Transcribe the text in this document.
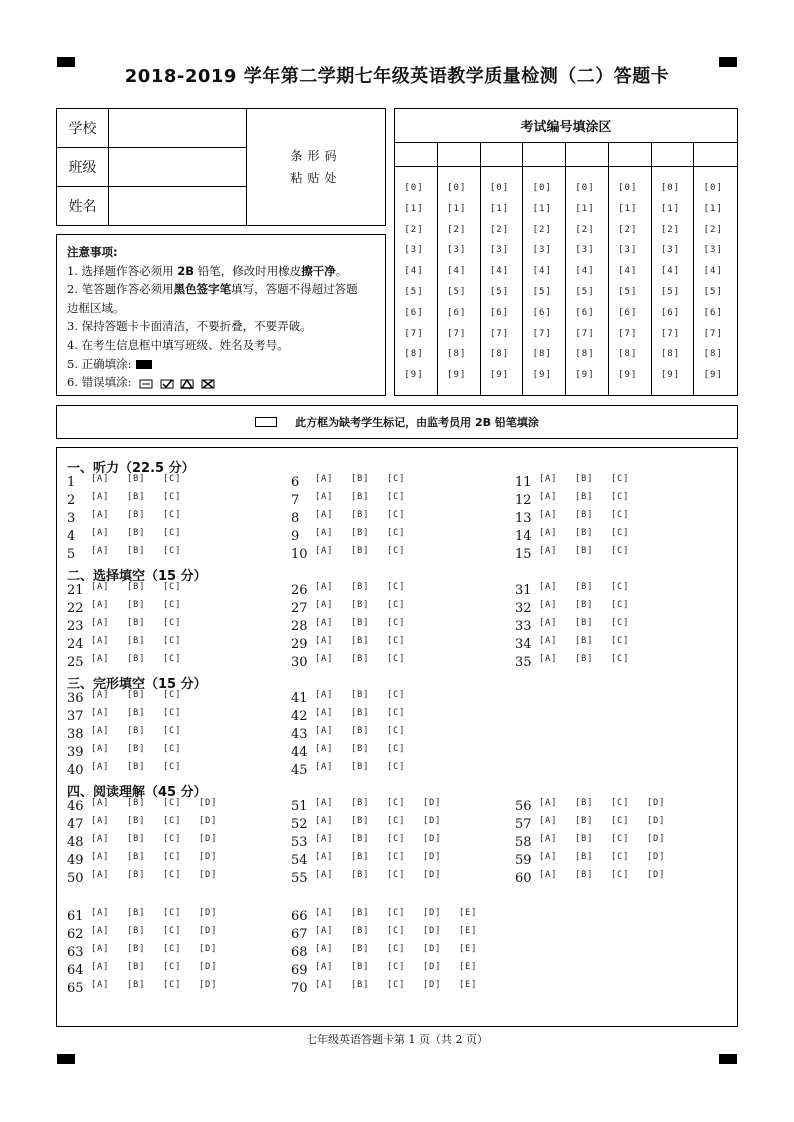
2018-2019 学年第二学期七年级英语教学质量检测（二）答题卡
学校
班级
姓名
条形码
粘贴处
注意事项:
1. 选择题作答必须用 2B 铅笔，修改时用橡皮擦干净。
2. 笔答题作答必须用黑色签字笔填写，答题不得超过答题
边框区域。
3. 保持答题卡卡面清洁，不要折叠，不要弄破。
4. 在考生信息框中填写班级、姓名及考号。
5. 正确填涂:
6. 错误填涂:
考试编号填涂区
[0]
[1]
[2]
[3]
[4]
[5]
[6]
[7]
[8]
[9]
[0]
[1]
[2]
[3]
[4]
[5]
[6]
[7]
[8]
[9]
[0]
[1]
[2]
[3]
[4]
[5]
[6]
[7]
[8]
[9]
[0]
[1]
[2]
[3]
[4]
[5]
[6]
[7]
[8]
[9]
[0]
[1]
[2]
[3]
[4]
[5]
[6]
[7]
[8]
[9]
[0]
[1]
[2]
[3]
[4]
[5]
[6]
[7]
[8]
[9]
[0]
[1]
[2]
[3]
[4]
[5]
[6]
[7]
[8]
[9]
[0]
[1]
[2]
[3]
[4]
[5]
[6]
[7]
[8]
[9]
此方框为缺考学生标记，由监考员用 2B 铅笔填涂
一、听力（22.5 分）
二、选择填空（15 分）
三、完形填空（15 分）
四、阅读理解（45 分）
1 [A] [B] [C]
2 [A] [B] [C]
3 [A] [B] [C]
4 [A] [B] [C]
5 [A] [B] [C]
6 [A] [B] [C]
7 [A] [B] [C]
8 [A] [B] [C]
9 [A] [B] [C]
10 [A] [B] [C]
11 [A] [B] [C]
12 [A] [B] [C]
13 [A] [B] [C]
14 [A] [B] [C]
15 [A] [B] [C]
21 [A] [B] [C]
22 [A] [B] [C]
23 [A] [B] [C]
24 [A] [B] [C]
25 [A] [B] [C]
26 [A] [B] [C]
27 [A] [B] [C]
28 [A] [B] [C]
29 [A] [B] [C]
30 [A] [B] [C]
31 [A] [B] [C]
32 [A] [B] [C]
33 [A] [B] [C]
34 [A] [B] [C]
35 [A] [B] [C]
36 [A] [B] [C]
37 [A] [B] [C]
38 [A] [B] [C]
39 [A] [B] [C]
40 [A] [B] [C]
41 [A] [B] [C]
42 [A] [B] [C]
43 [A] [B] [C]
44 [A] [B] [C]
45 [A] [B] [C]
46 [A] [B] [C] [D]
47 [A] [B] [C] [D]
48 [A] [B] [C] [D]
49 [A] [B] [C] [D]
50 [A] [B] [C] [D]
51 [A] [B] [C] [D]
52 [A] [B] [C] [D]
53 [A] [B] [C] [D]
54 [A] [B] [C] [D]
55 [A] [B] [C] [D]
56 [A] [B] [C] [D]
57 [A] [B] [C] [D]
58 [A] [B] [C] [D]
59 [A] [B] [C] [D]
60 [A] [B] [C] [D]
61 [A] [B] [C] [D]
62 [A] [B] [C] [D]
63 [A] [B] [C] [D]
64 [A] [B] [C] [D]
65 [A] [B] [C] [D]
66 [A] [B] [C] [D] [E]
67 [A] [B] [C] [D] [E]
68 [A] [B] [C] [D] [E]
69 [A] [B] [C] [D] [E]
70 [A] [B] [C] [D] [E]
七年级英语答题卡第 1 页（共 2 页）
